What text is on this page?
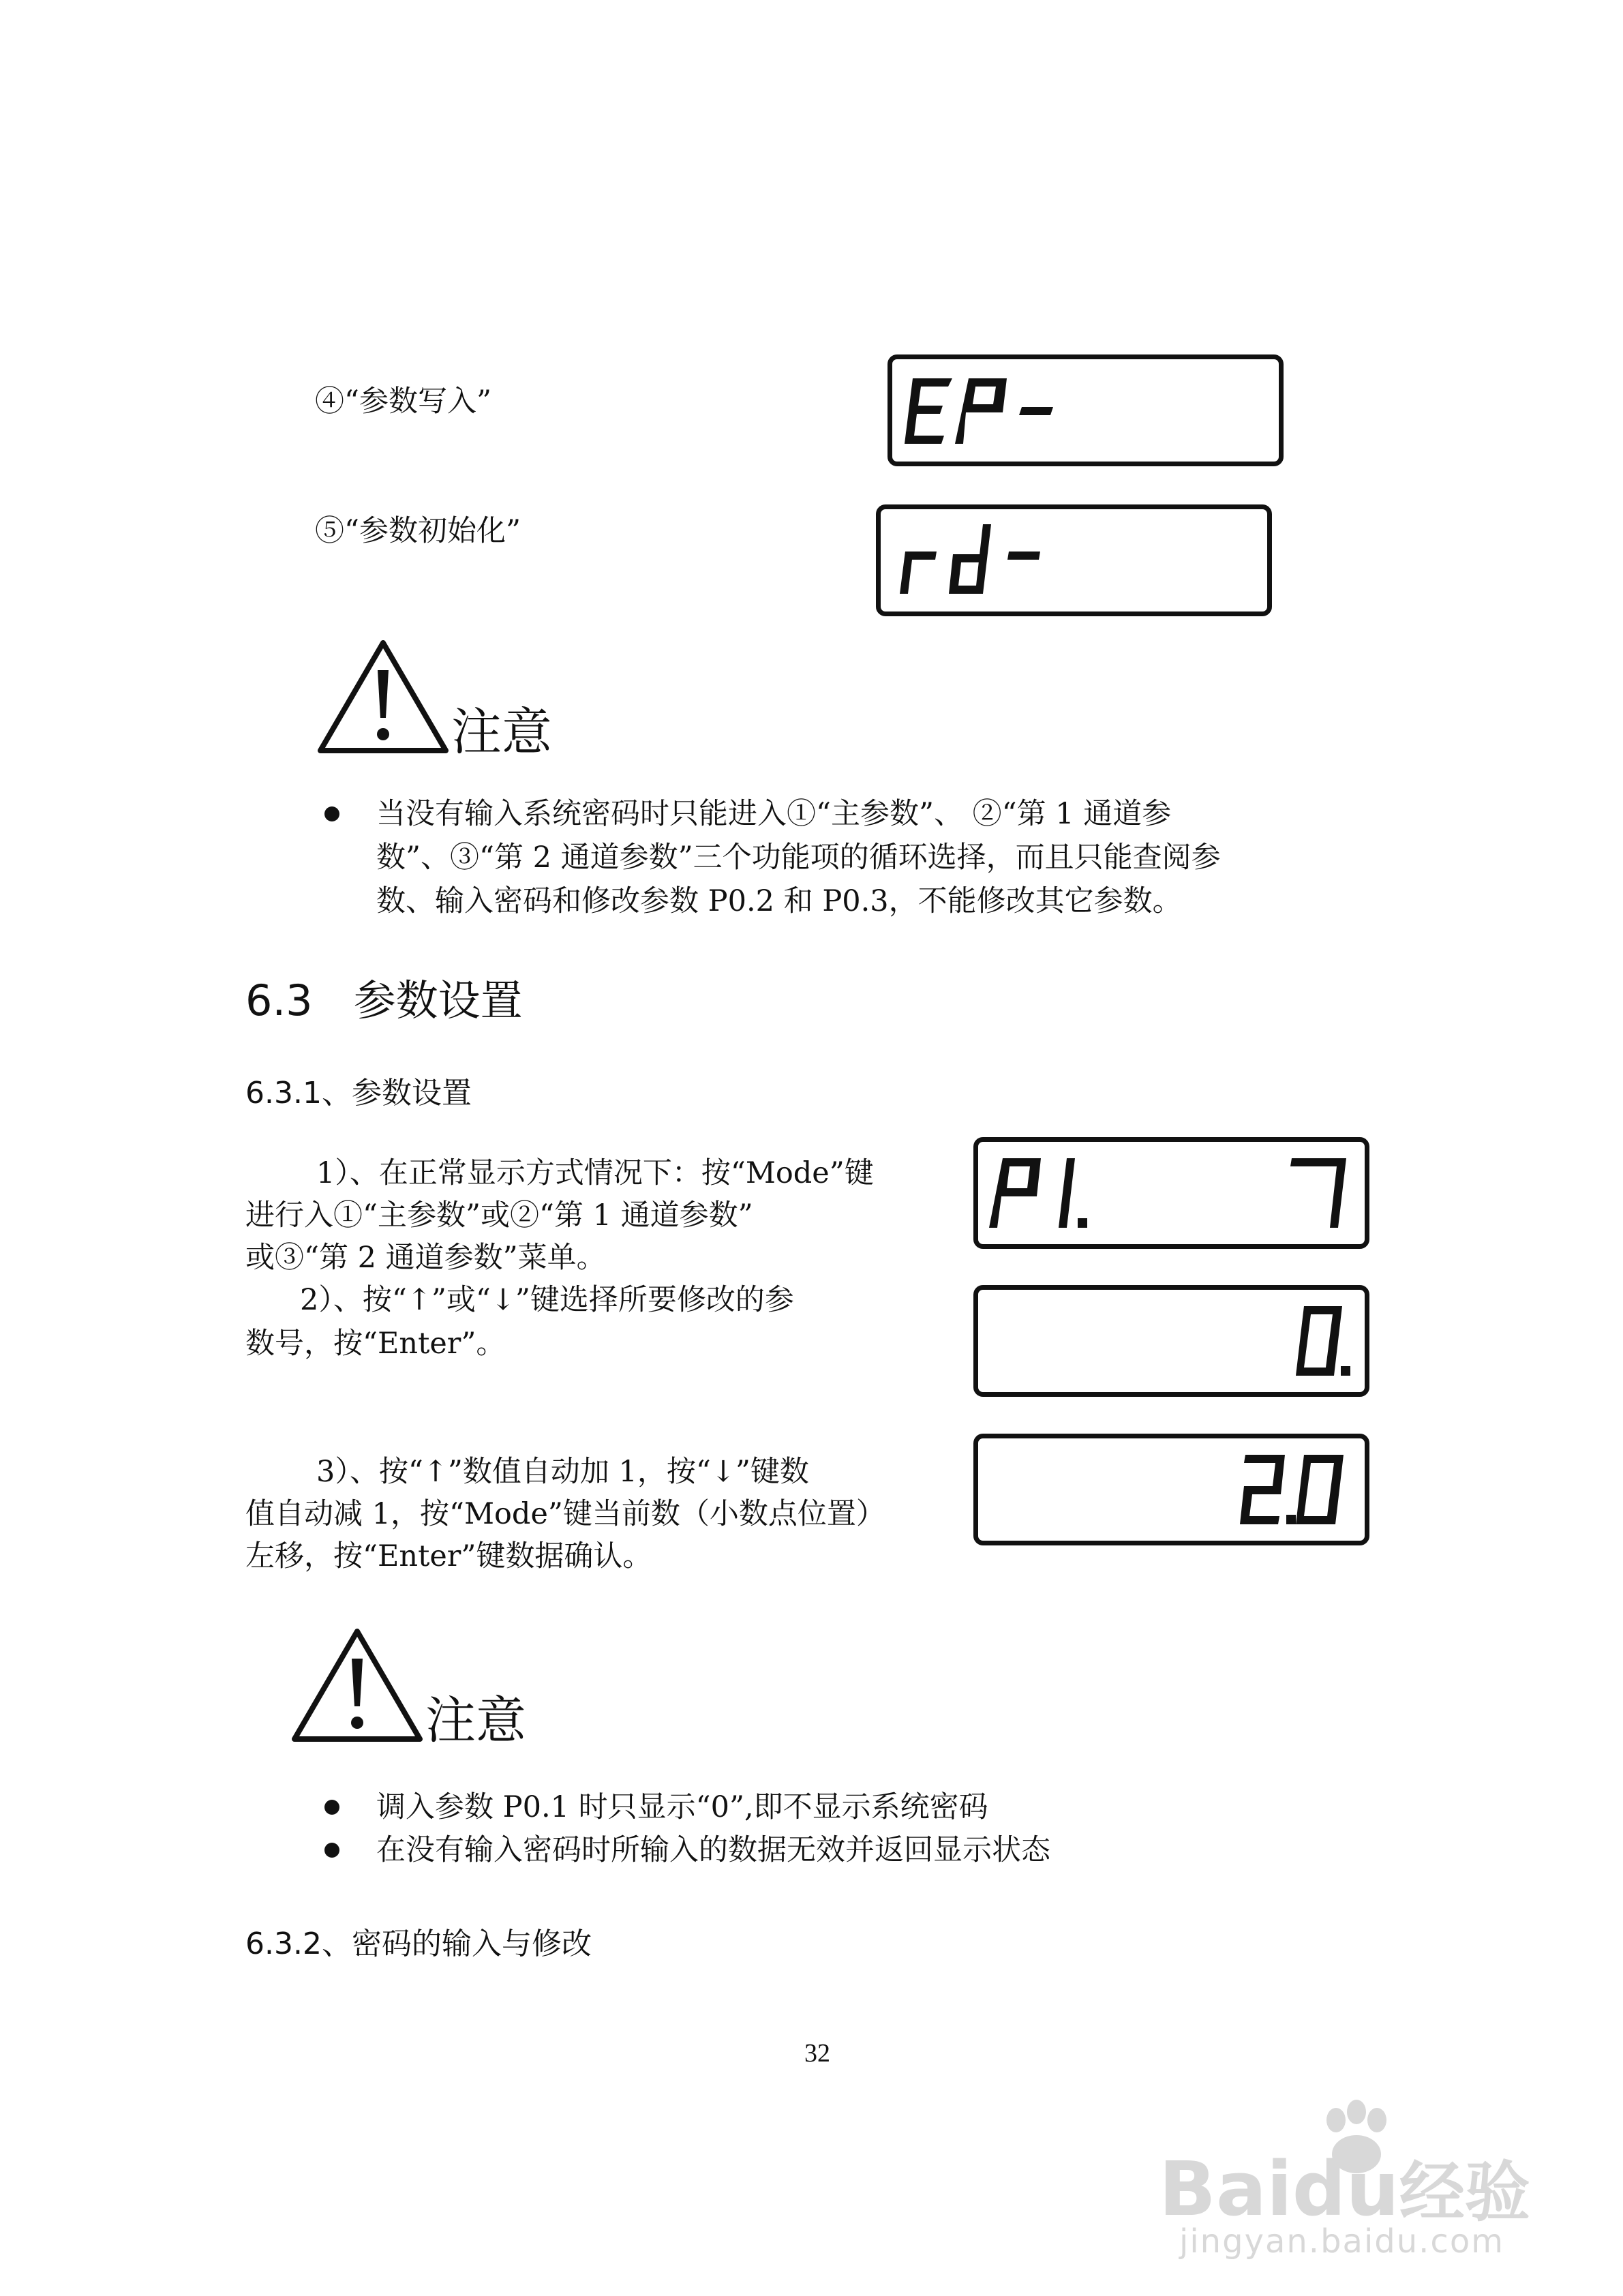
④“参数写入”
⑤“参数初始化”
注意
当没有输入系统密码时只能进入①“主参数”、 ②“第 1 通道参
数”、③“第 2 通道参数”三个功能项的循环选择，而且只能查阅参
数、输入密码和修改参数 P0.2 和 P0.3，不能修改其它参数。
6.3 参数设置
6.3.1、参数设置
1）、在正常显示方式情况下：按“Mode”键
进行入①“主参数”或②“第 1 通道参数”
或③“第 2 通道参数”菜单。
2）、按“↑”或“↓”键选择所要修改的参
数号，按“Enter”。
3）、按“↑”数值自动加 1，按“↓”键数
值自动减 1，按“Mode”键当前数（小数点位置）
左移，按“Enter”键数据确认。
注意
调入参数 P0.1 时只显示“0”,即不显示系统密码
在没有输入密码时所输入的数据无效并返回显示状态
6.3.2、密码的输入与修改
32
Baidu经验
jingyan.baidu.com
